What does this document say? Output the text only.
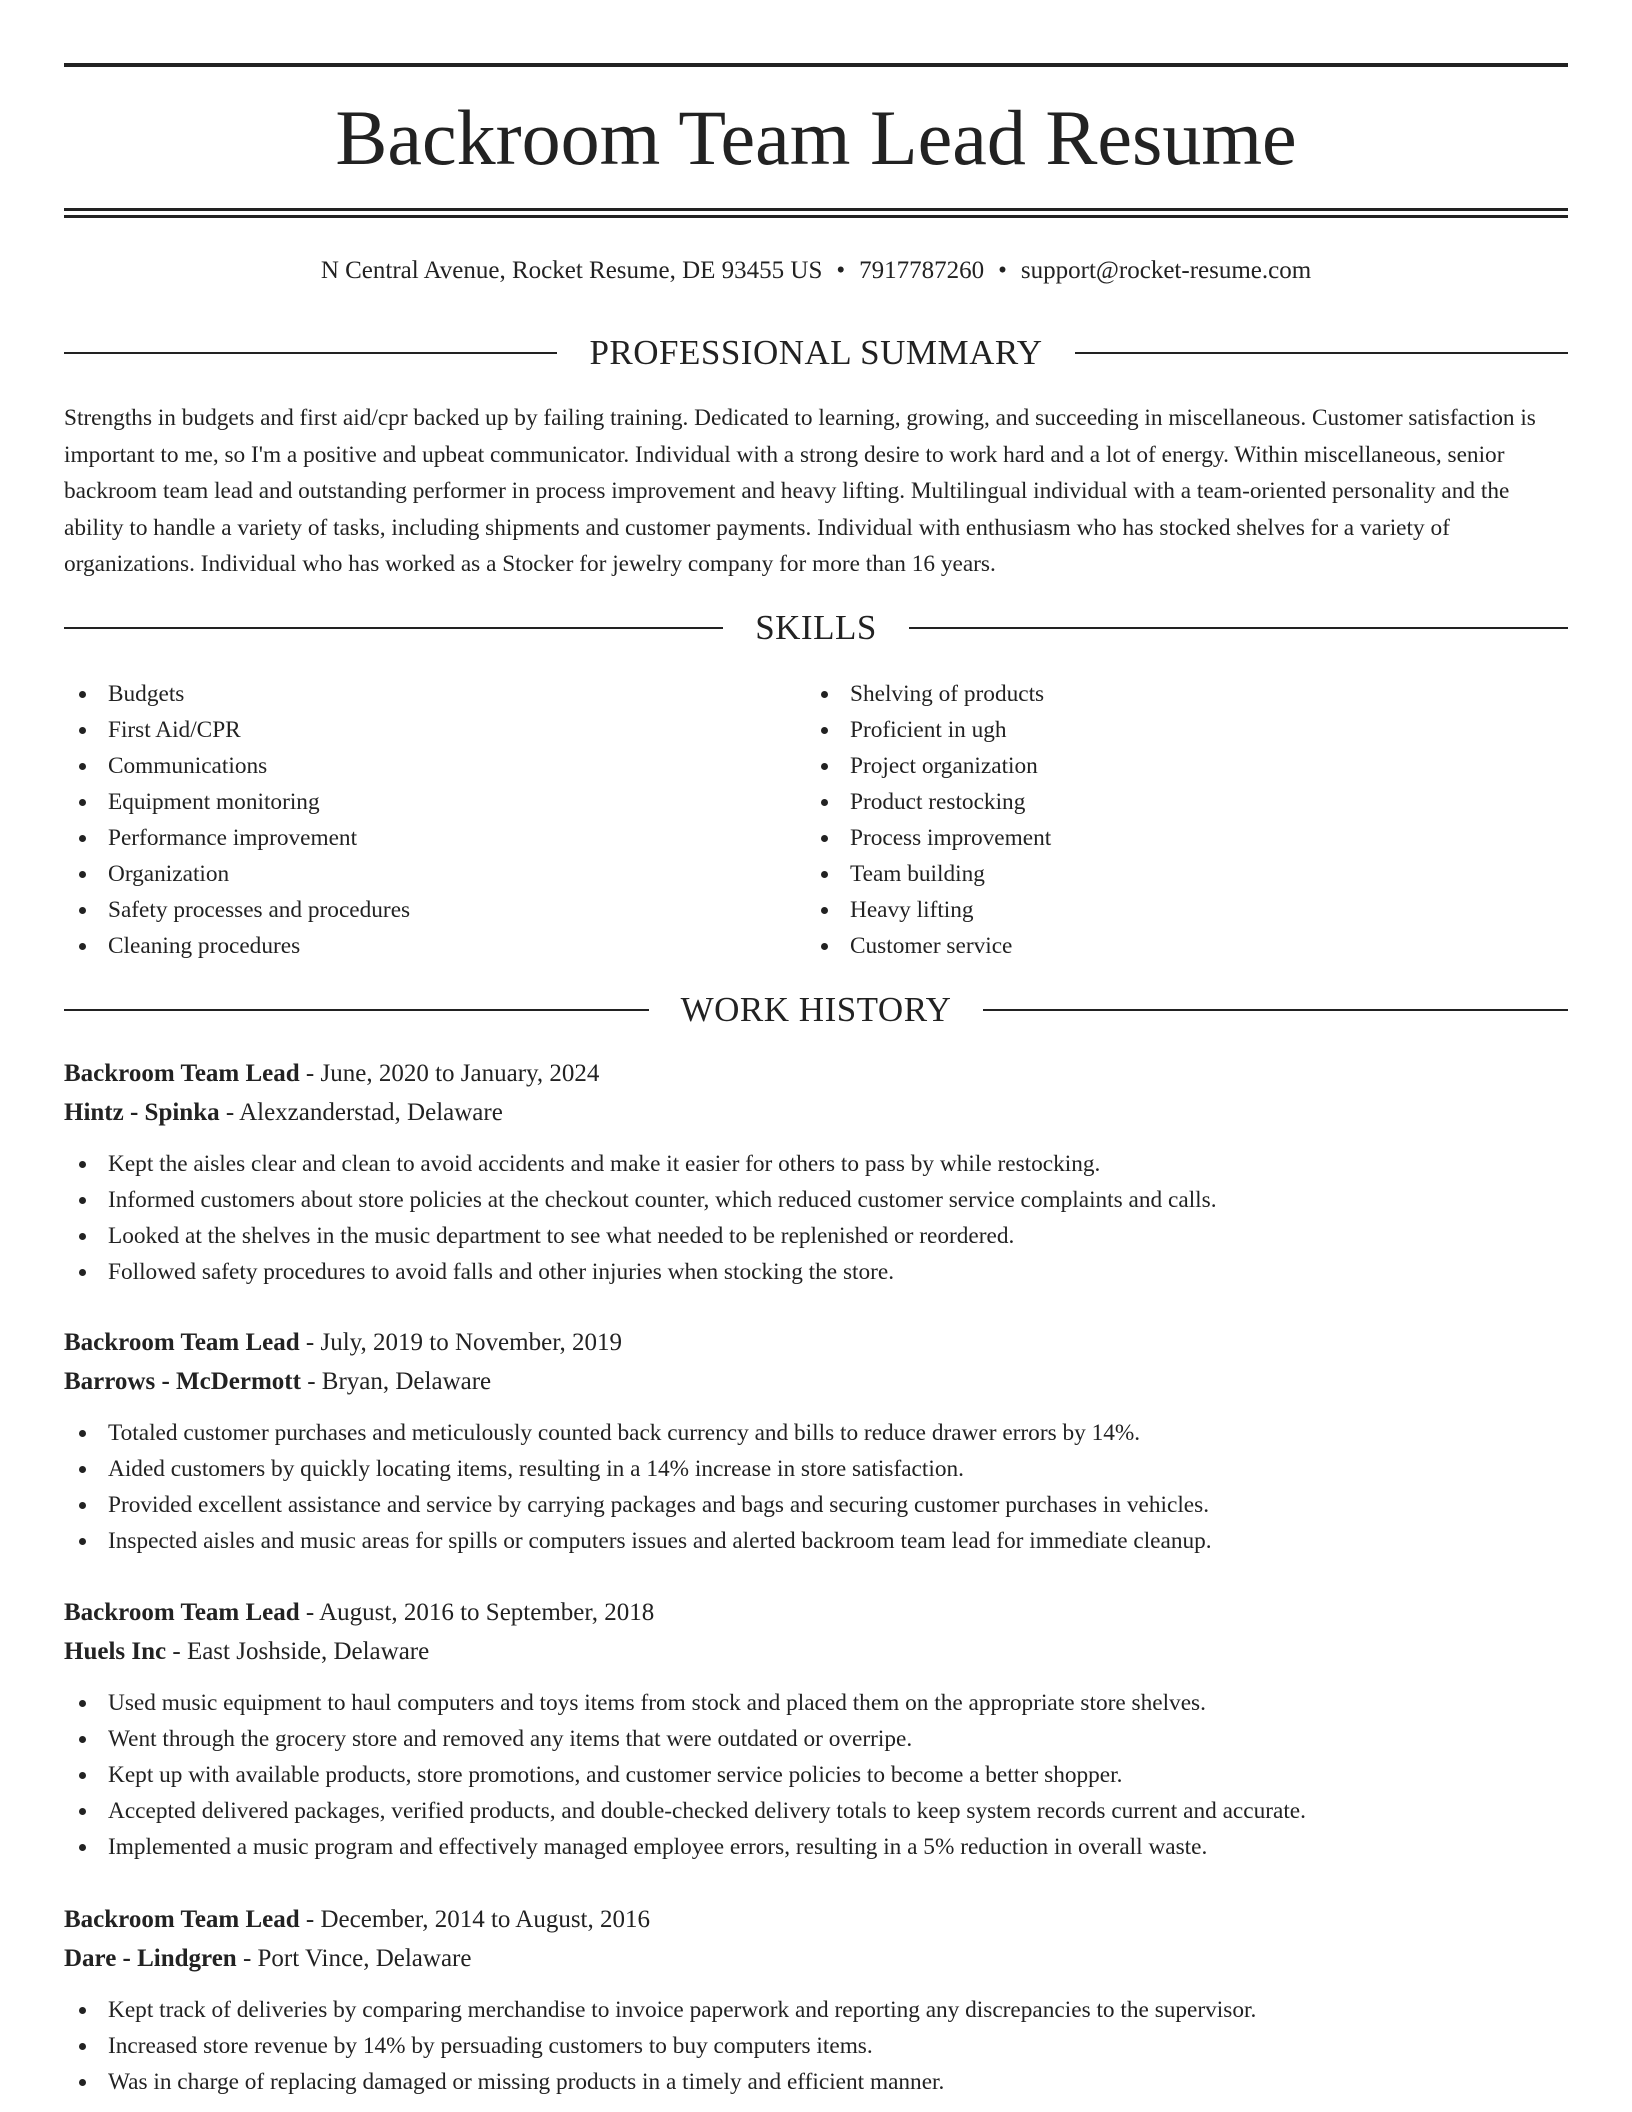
Backroom Team Lead Resume
N Central Avenue, Rocket Resume, DE 93455 US • 7917787260 • support@rocket-resume.com
PROFESSIONAL SUMMARY

Strengths in budgets and first aid/cpr backed up by failing training. Dedicated to learning, growing, and succeeding in miscellaneous. Customer satisfaction is important to me, so I'm a positive and upbeat communicator. Individual with a strong desire to work hard and a lot of energy. Within miscellaneous, senior backroom team lead and outstanding performer in process improvement and heavy lifting. Multilingual individual with a team-oriented personality and the ability to handle a variety of tasks, including shipments and customer payments. Individual with enthusiasm who has stocked shelves for a variety of organizations. Individual who has worked as a Stocker for jewelry company for more than 16 years.

SKILLS
Budgets
First Aid/CPR
Communications
Equipment monitoring
Performance improvement
Organization
Safety processes and procedures
Cleaning procedures
Shelving of products
Proficient in ugh
Project organization
Product restocking
Process improvement
Team building
Heavy lifting
Customer service
WORK HISTORY
Backroom Team Lead - June, 2020 to January, 2024
Hintz - Spinka - Alexzanderstad, Delaware
Kept the aisles clear and clean to avoid accidents and make it easier for others to pass by while restocking.
Informed customers about store policies at the checkout counter, which reduced customer service complaints and calls.
Looked at the shelves in the music department to see what needed to be replenished or reordered.
Followed safety procedures to avoid falls and other injuries when stocking the store.
Backroom Team Lead - July, 2019 to November, 2019
Barrows - McDermott - Bryan, Delaware
Totaled customer purchases and meticulously counted back currency and bills to reduce drawer errors by 14%.
Aided customers by quickly locating items, resulting in a 14% increase in store satisfaction.
Provided excellent assistance and service by carrying packages and bags and securing customer purchases in vehicles.
Inspected aisles and music areas for spills or computers issues and alerted backroom team lead for immediate cleanup.
Backroom Team Lead - August, 2016 to September, 2018
Huels Inc - East Joshside, Delaware
Used music equipment to haul computers and toys items from stock and placed them on the appropriate store shelves.
Went through the grocery store and removed any items that were outdated or overripe.
Kept up with available products, store promotions, and customer service policies to become a better shopper.
Accepted delivered packages, verified products, and double-checked delivery totals to keep system records current and accurate.
Implemented a music program and effectively managed employee errors, resulting in a 5% reduction in overall waste.
Backroom Team Lead - December, 2014 to August, 2016
Dare - Lindgren - Port Vince, Delaware
Kept track of deliveries by comparing merchandise to invoice paperwork and reporting any discrepancies to the supervisor.
Increased store revenue by 14% by persuading customers to buy computers items.
Was in charge of replacing damaged or missing products in a timely and efficient manner.
